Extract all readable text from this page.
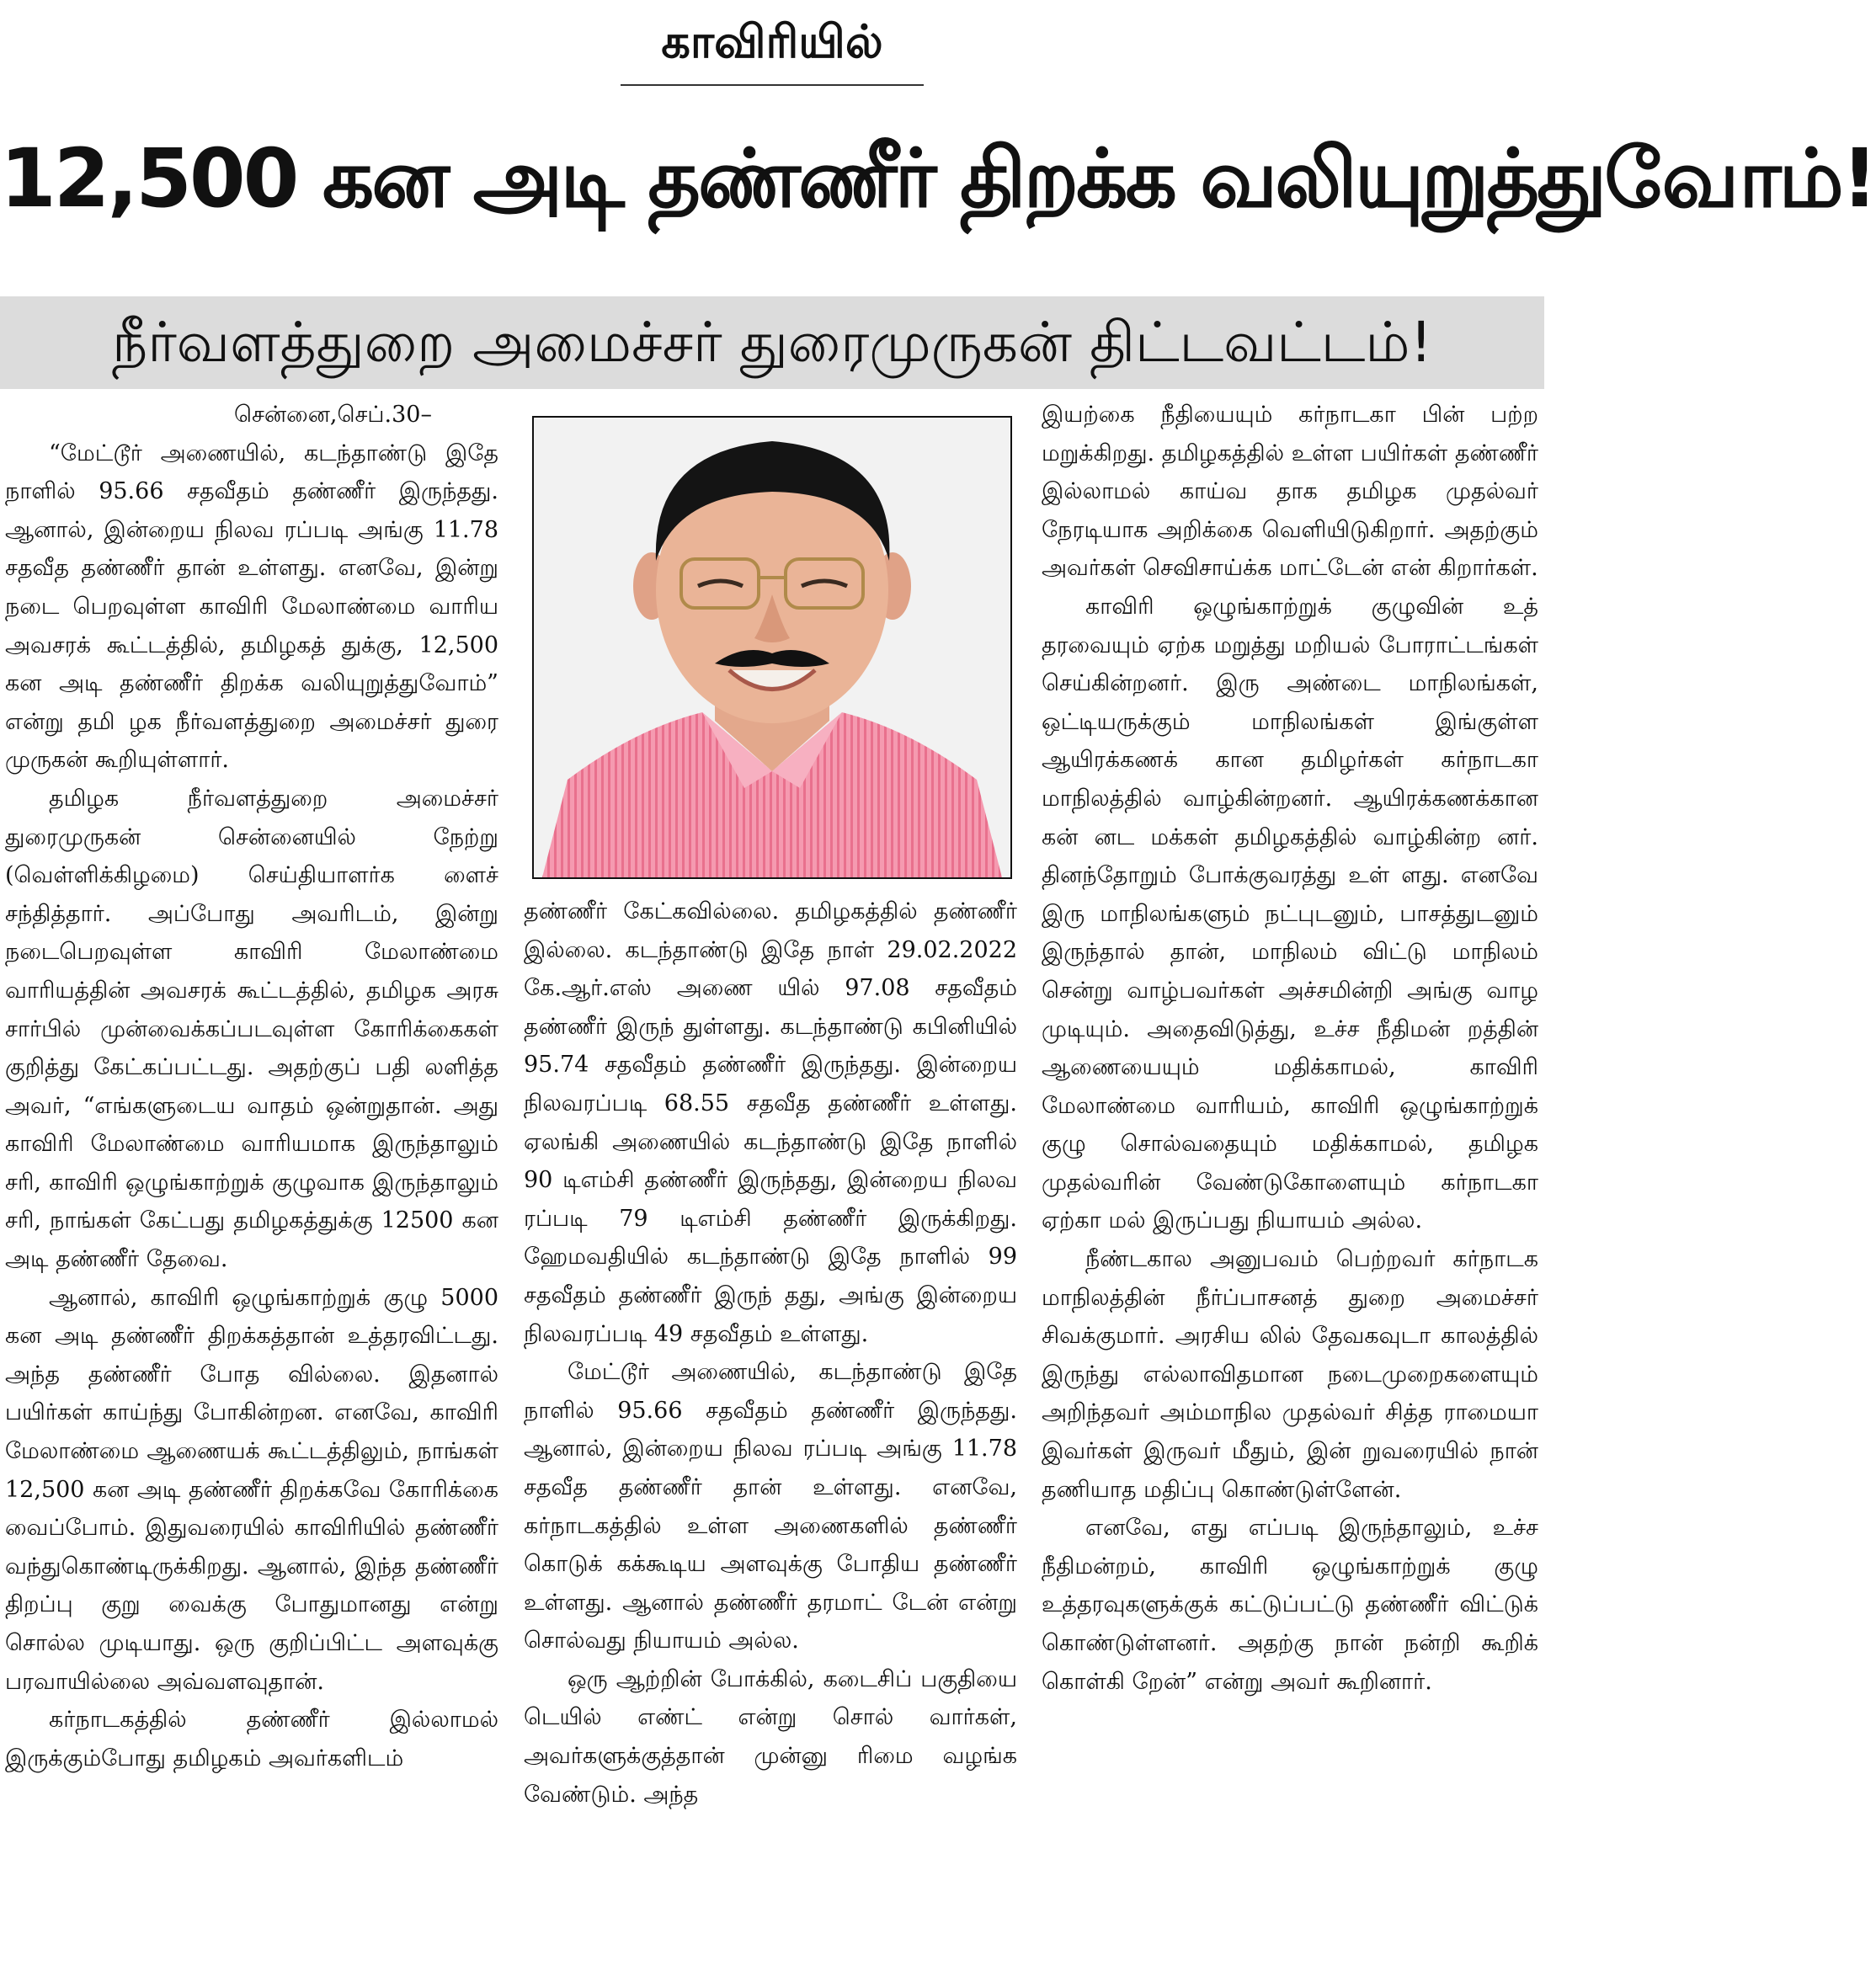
காவிரியில்
12,500 கன அடி தண்ணீர் திறக்க வலியுறுத்துவோம்!
நீர்வளத்துறை அமைச்சர் துரைமுருகன் திட்டவட்டம்!

சென்னை,செப்.30–

“மேட்டூர் அணையில், கடந்தாண்டு இதே நாளில் 95.66 சதவீதம் தண்ணீர் இருந்தது. ஆனால், இன்றைய நிலவ ரப்படி அங்கு 11.78 சதவீத தண்ணீர் தான் உள்ளது. எனவே, இன்று நடை பெறவுள்ள காவிரி மேலாண்மை வாரிய அவசரக் கூட்டத்தில், தமிழகத் துக்கு, 12,500 கன அடி தண்ணீர் திறக்க வலியுறுத்துவோம்” என்று தமி ழக நீர்வளத்துறை அமைச்சர் துரை முருகன் கூறியுள்ளார்.

தமிழக நீர்வளத்துறை அமைச்சர் துரைமுருகன் சென்னையில் நேற்று (வெள்ளிக்கிழமை) செய்தியாளர்க ளைச் சந்தித்தார். அப்போது அவரிடம், இன்று நடைபெறவுள்ள காவிரி மேலாண்மை வாரியத்தின் அவசரக் கூட்டத்தில், தமிழக அரசு சார்பில் முன்வைக்கப்படவுள்ள கோரிக்கைகள் குறித்து கேட்கப்பட்டது. அதற்குப் பதி லளித்த அவர், “எங்களுடைய வாதம் ஒன்றுதான். அது காவிரி மேலாண்மை வாரியமாக இருந்தாலும் சரி, காவிரி ஒழுங்காற்றுக் குழுவாக இருந்தாலும் சரி, நாங்கள் கேட்பது தமிழகத்துக்கு 12500 கன அடி தண்ணீர் தேவை.

ஆனால், காவிரி ஒழுங்காற்றுக் குழு 5000 கன அடி தண்ணீர் திறக்கத்தான் உத்தரவிட்டது. அந்த தண்ணீர் போத வில்லை. இதனால் பயிர்கள் காய்ந்து போகின்றன. எனவே, காவிரி மேலாண்மை ஆணையக் கூட்டத்திலும், நாங்கள் 12,500 கன அடி தண்ணீர் திறக்கவே கோரிக்கை வைப்போம். இதுவரையில் காவிரியில் தண்ணீர் வந்துகொண்டிருக்கிறது. ஆனால், இந்த தண்ணீர் திறப்பு குறு வைக்கு போதுமானது என்று சொல்ல முடியாது. ஒரு குறிப்பிட்ட அளவுக்கு பரவாயில்லை அவ்வளவுதான்.

கர்நாடகத்தில் தண்ணீர் இல்லாமல் இருக்கும்போது தமிழகம் அவர்களிடம்

தண்ணீர் கேட்கவில்லை. தமிழகத்தில் தண்ணீர் இல்லை. கடந்தாண்டு இதே நாள் 29.02.2022 கே.ஆர்.எஸ் அணை யில் 97.08 சதவீதம் தண்ணீர் இருந் துள்ளது. கடந்தாண்டு கபினியில் 95.74 சதவீதம் தண்ணீர் இருந்தது. இன்றைய நிலவரப்படி 68.55 சதவீத தண்ணீர் உள்ளது. ஏலங்கி அணையில் கடந்தாண்டு இதே நாளில் 90 டிஎம்சி தண்ணீர் இருந்தது, இன்றைய நிலவ ரப்படி 79 டிஎம்சி தண்ணீர் இருக்கிறது. ஹேமவதியில் கடந்தாண்டு இதே நாளில் 99 சதவீதம் தண்ணீர் இருந் தது, அங்கு இன்றைய நிலவரப்படி 49 சதவீதம் உள்ளது.

மேட்டூர் அணையில், கடந்தாண்டு இதே நாளில் 95.66 சதவீதம் தண்ணீர் இருந்தது. ஆனால், இன்றைய நிலவ ரப்படி அங்கு 11.78 சதவீத தண்ணீர் தான் உள்ளது. எனவே, கர்நாடகத்தில் உள்ள அணைகளில் தண்ணீர் கொடுக் கக்கூடிய அளவுக்கு போதிய தண்ணீர் உள்ளது. ஆனால் தண்ணீர் தரமாட் டேன் என்று சொல்வது நியாயம் அல்ல.

ஒரு ஆற்றின் போக்கில், கடைசிப் பகுதியை டெயில் எண்ட் என்று சொல் வார்கள், அவர்களுக்குத்தான் முன்னு ரிமை வழங்க வேண்டும். அந்த

இயற்கை நீதியையும் கர்நாடகா பின் பற்ற மறுக்கிறது. தமிழகத்தில் உள்ள பயிர்கள் தண்ணீர் இல்லாமல் காய்வ தாக தமிழக முதல்வர் நேரடியாக அறிக்கை வெளியிடுகிறார். அதற்கும் அவர்கள் செவிசாய்க்க மாட்டேன் என் கிறார்கள்.

காவிரி ஒழுங்காற்றுக் குழுவின் உத் தரவையும் ஏற்க மறுத்து மறியல் போராட்டங்கள் செய்கின்றனர். இரு அண்டை மாநிலங்கள், ஒட்டியருக்கும் மாநிலங்கள் இங்குள்ள ஆயிரக்கணக் கான தமிழர்கள் கர்நாடகா மாநிலத்தில் வாழ்கின்றனர். ஆயிரக்கணக்கான கன் னட மக்கள் தமிழகத்தில் வாழ்கின்ற னர். தினந்தோறும் போக்குவரத்து உள் ளது. எனவே இரு மாநிலங்களும் நட்புடனும், பாசத்துடனும் இருந்தால் தான், மாநிலம் விட்டு மாநிலம் சென்று வாழ்பவர்கள் அச்சமின்றி அங்கு வாழ முடியும். அதைவிடுத்து, உச்ச நீதிமன் றத்தின் ஆணையையும் மதிக்காமல், காவிரி மேலாண்மை வாரியம், காவிரி ஒழுங்காற்றுக் குழு சொல்வதையும் மதிக்காமல், தமிழக முதல்வரின் வேண்டுகோளையும் கர்நாடகா ஏற்கா மல் இருப்பது நியாயம் அல்ல.

நீண்டகால அனுபவம் பெற்றவர் கர்நாடக மாநிலத்தின் நீர்ப்பாசனத் துறை அமைச்சர் சிவக்குமார். அரசிய லில் தேவகவுடா காலத்தில் இருந்து எல்லாவிதமான நடைமுறைகளையும் அறிந்தவர் அம்மாநில முதல்வர் சித்த ராமையா இவர்கள் இருவர் மீதும், இன் றுவரையில் நான் தணியாத மதிப்பு கொண்டுள்ளேன்.

எனவே, எது எப்படி இருந்தாலும், உச்ச நீதிமன்றம், காவிரி ஒழுங்காற்றுக் குழு உத்தரவுகளுக்குக் கட்டுப்பட்டு தண்ணீர் விட்டுக் கொண்டுள்ளனர். அதற்கு நான் நன்றி கூறிக் கொள்கி றேன்” என்று அவர் கூறினார்.
